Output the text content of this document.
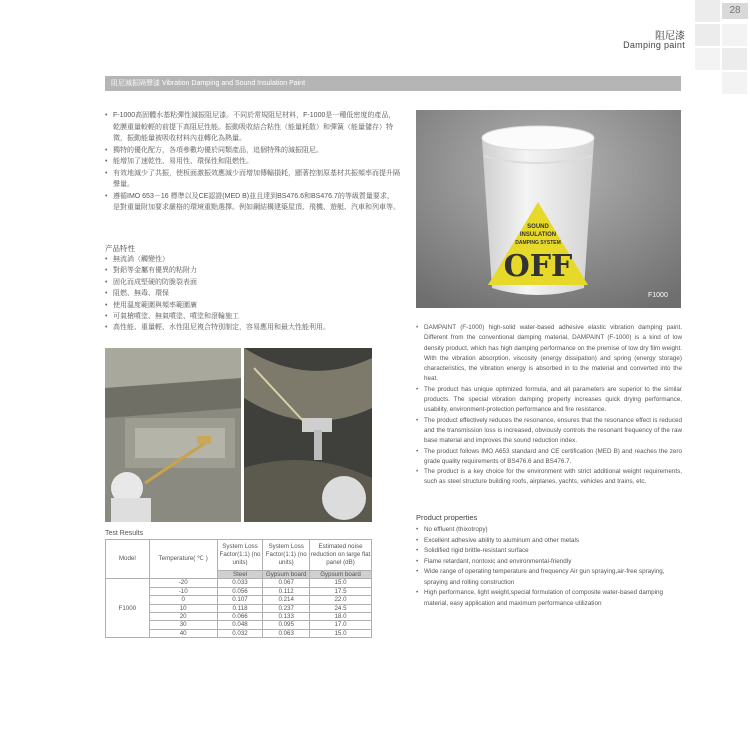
28
阻尼漆
Damping paint
阻尼減振隔聲漆 Vibration Damping and Sound Insulation Paint
• F-1000高固體水基粘彈性減振阻尼漆。不同於常規阻尼材料，F-1000是一種低密度的產品，乾膜重量較輕的前提下高阻尼性能。振動吸收結合粘性（能量耗散）和彈簧（能量儲存）特徵，振動能量被吸收材料內並轉化為熱量。
• 獨特的優化配方，各項參數均優於同類產品，追個特殊的減振阻尼。
• 能增加了速乾性、易用性、環保性和阻燃性。
• 有效地減少了共振，使板面激振效應減少而增加傳輸損耗，顯著控制原基材共振頻率而提升隔聲量。
• 遵循IMO 653－16 標準以及CE認證(MED B)並且達到BS476.6和BS476.7的等級質量要求，是對重量附加要求嚴格的環境重點選擇。例如鋼結構建築屋頂、飛機、遊艇、汽車和列車等。
产品特性
• 無流淌（觸變性）
• 對鋁等金屬有優異的粘附力
• 固化而成堅硬的防脆裂表面
• 阻燃、無毒、環保
• 使用溫度範圍與頻率範圍廣
• 可氣槍噴塗、無氣噴塗、噴塗和滾輪施工
• 高性能、重量輕、水性阻尼複合特別制定，容易應用和最大性能利用。
SOUND
INSULATION
DAMPING SYSTEM
OFF
F1000
• DAMPAINT (F-1000) high-solid water-based adhesive elastic vibration damping paint. Different from the conventional damping material, DAMPAINT (F-1000) is a kind of low density product, which has high damping performance on the premise of low dry film weight. With the vibration absorption, viscosity (energy dissipation) and spring (energy storage) characteristics, the vibration energy is absorbed in to the material and converted into the heat.
• The product has unique optimized formula, and all parameters are superior to the similar products. The special vibration damping property increases quick drying performance, usability, environment-protection performance and fire resistance.
• The product effectively reduces the resonance, ensures that the resonance effect is reduced and the transmission loss is increased, obviously controls the resonant frequency of the raw base material and improves the sound reduction index.
• The product follows IMO A653 standard and CE certification (MED B) and reaches the zero grade quality requirements of BS476.6 and BS476.7.
• The product is a key choice for the environment with strict additional weight requirements, such as steel structure building roofs, airplanes, yachts, vehicles and trains, etc.
Product properties
• No effluent (thixotropy)
• Excellent adhesive ability to aluminum and other metals
• Solidified rigid brittle-resistant surface
• Flame retardant, nontoxic and environmental-friendly
• Wide range of operating temperature and frequency Air gun spraying,air-free spraying, spraying and rolling construction
• High performance, light weight,special formulation of composite water-based damping material, easy application and maximum performance utilization
Test Results
Model	Temperature( ℃ )	System Loss Factor(1:1) (no units)	System Loss Factor(1:1) (no units)	Estimated noise reduction on large flat panel (dB)
		Steel	Gypsum board	Gypsum board
F1000	-20	0.033	0.067	15.0
	-10	0.056	0.112	17.5
	0	0.107	0.214	22.0
	10	0.118	0.237	24.5
	20	0.066	0.133	18.0
	30	0.048	0.095	17.0
	40	0.032	0.063	15.0
